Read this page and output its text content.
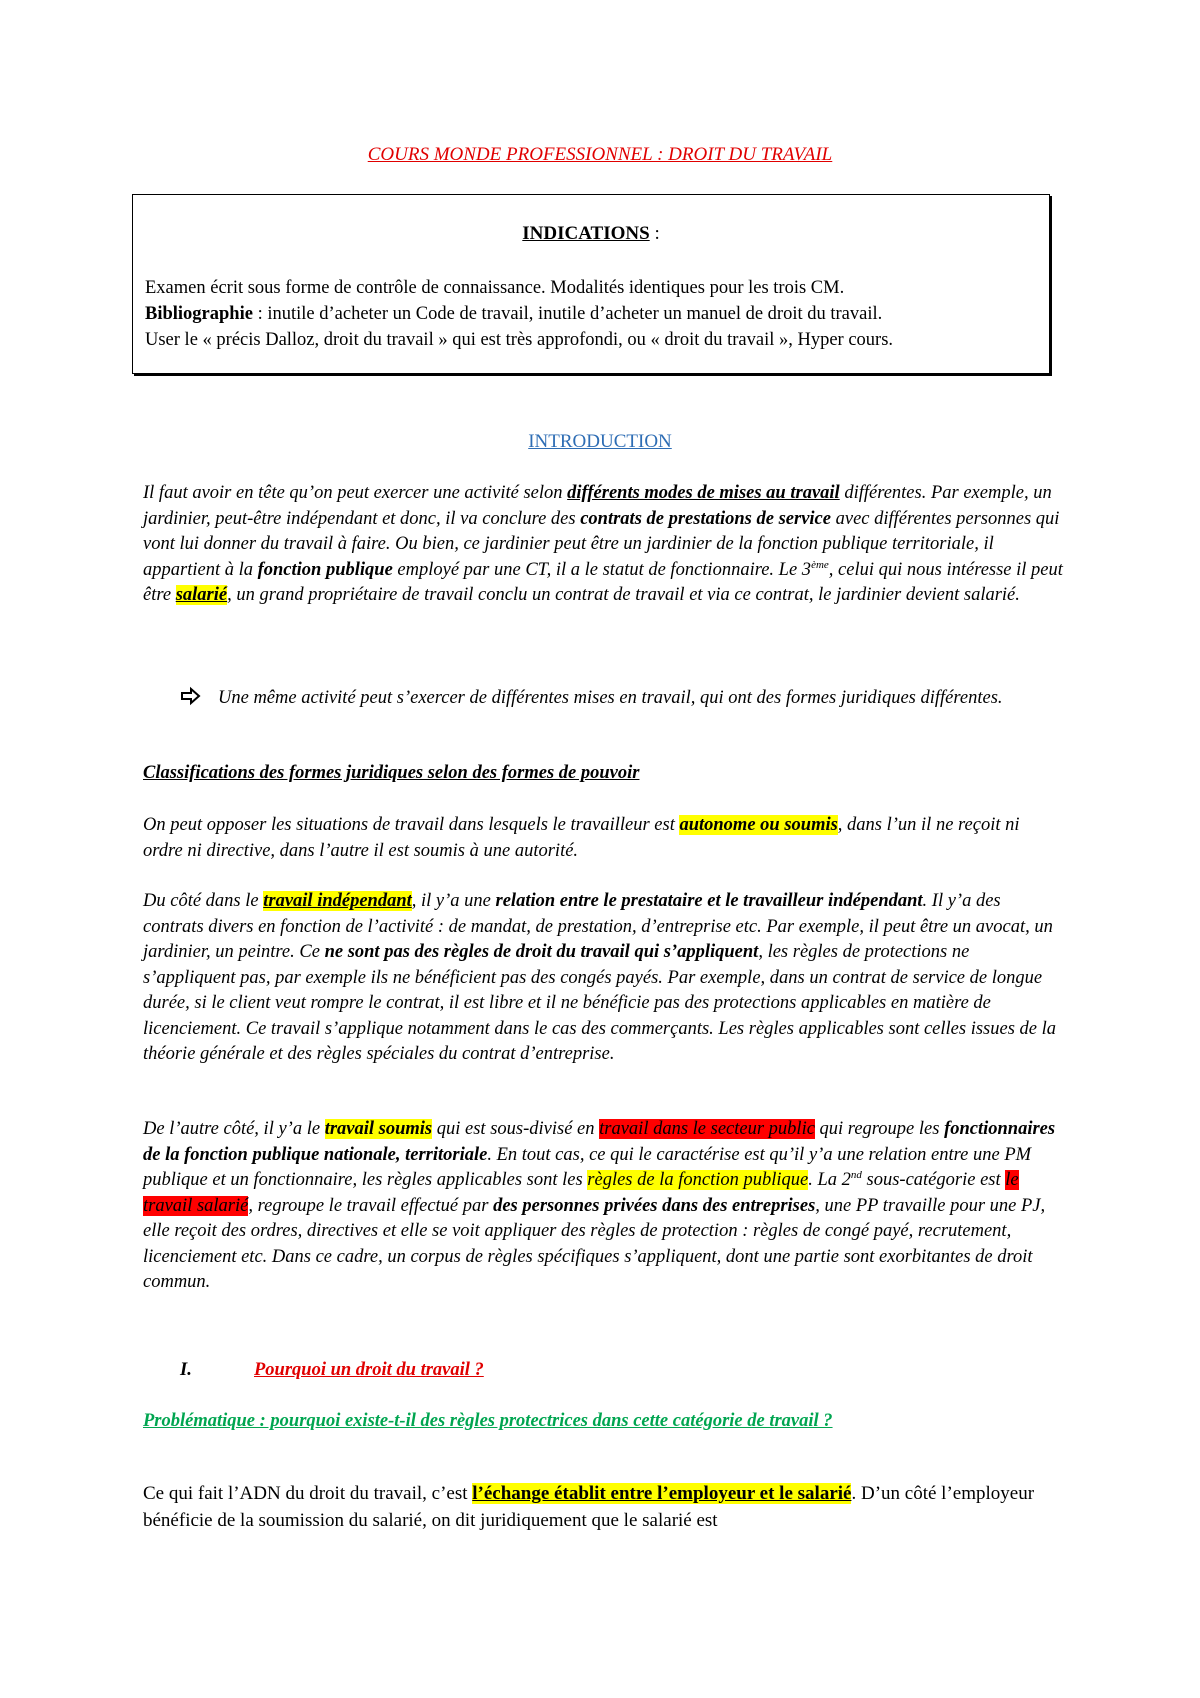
COURS MONDE PROFESSIONNEL : DROIT DU TRAVAIL
INDICATIONS :
Examen écrit sous forme de contrôle de connaissance. Modalités identiques pour les trois CM.
Bibliographie : inutile d’acheter un Code de travail, inutile d’acheter un manuel de droit du travail.
User le « précis Dalloz, droit du travail » qui est très approfondi, ou « droit du travail », Hyper cours.
INTRODUCTION
Il faut avoir en tête qu’on peut exercer une activité selon différents modes de mises au travail différentes. Par exemple, un jardinier, peut-être indépendant et donc, il va conclure des contrats de prestations de service avec différentes personnes qui vont lui donner du travail à faire. Ou bien, ce jardinier peut être un jardinier de la fonction publique territoriale, il appartient à la fonction publique employé par une CT, il a le statut de fonctionnaire. Le 3ème, celui qui nous intéresse il peut être salarié, un grand propriétaire de travail conclu un contrat de travail et via ce contrat, le jardinier devient salarié.
Une même activité peut s’exercer de différentes mises en travail, qui ont des formes juridiques différentes.
Classifications des formes juridiques selon des formes de pouvoir
On peut opposer les situations de travail dans lesquels le travailleur est autonome ou soumis, dans l’un il ne reçoit ni ordre ni directive, dans l’autre il est soumis à une autorité.
Du côté dans le travail indépendant, il y’a une relation entre le prestataire et le travailleur indépendant. Il y’a des contrats divers en fonction de l’activité : de mandat, de prestation, d’entreprise etc. Par exemple, il peut être un avocat, un jardinier, un peintre. Ce ne sont pas des règles de droit du travail qui s’appliquent, les règles de protections ne s’appliquent pas, par exemple ils ne bénéficient pas des congés payés. Par exemple, dans un contrat de service de longue durée, si le client veut rompre le contrat, il est libre et il ne bénéficie pas des protections applicables en matière de licenciement. Ce travail s’applique notamment dans le cas des commerçants. Les règles applicables sont celles issues de la théorie générale et des règles spéciales du contrat d’entreprise.
De l’autre côté, il y’a le travail soumis qui est sous-divisé en travail dans le secteur public qui regroupe les fonctionnaires de la fonction publique nationale, territoriale. En tout cas, ce qui le caractérise est qu’il y’a une relation entre une PM publique et un fonctionnaire, les règles applicables sont les règles de la fonction publique. La 2nd sous-catégorie est le travail salarié, regroupe le travail effectué par des personnes privées dans des entreprises, une PP travaille pour une PJ, elle reçoit des ordres, directives et elle se voit appliquer des règles de protection : règles de congé payé, recrutement, licenciement etc. Dans ce cadre, un corpus de règles spécifiques s’appliquent, dont une partie sont exorbitantes de droit commun.
I.	Pourquoi un droit du travail ?
Problématique : pourquoi existe-t-il des règles protectrices dans cette catégorie de travail ?
Ce qui fait l’ADN du droit du travail, c’est l’échange établit entre l’employeur et le salarié. D’un côté l’employeur bénéficie de la soumission du salarié, on dit juridiquement que le salarié est
